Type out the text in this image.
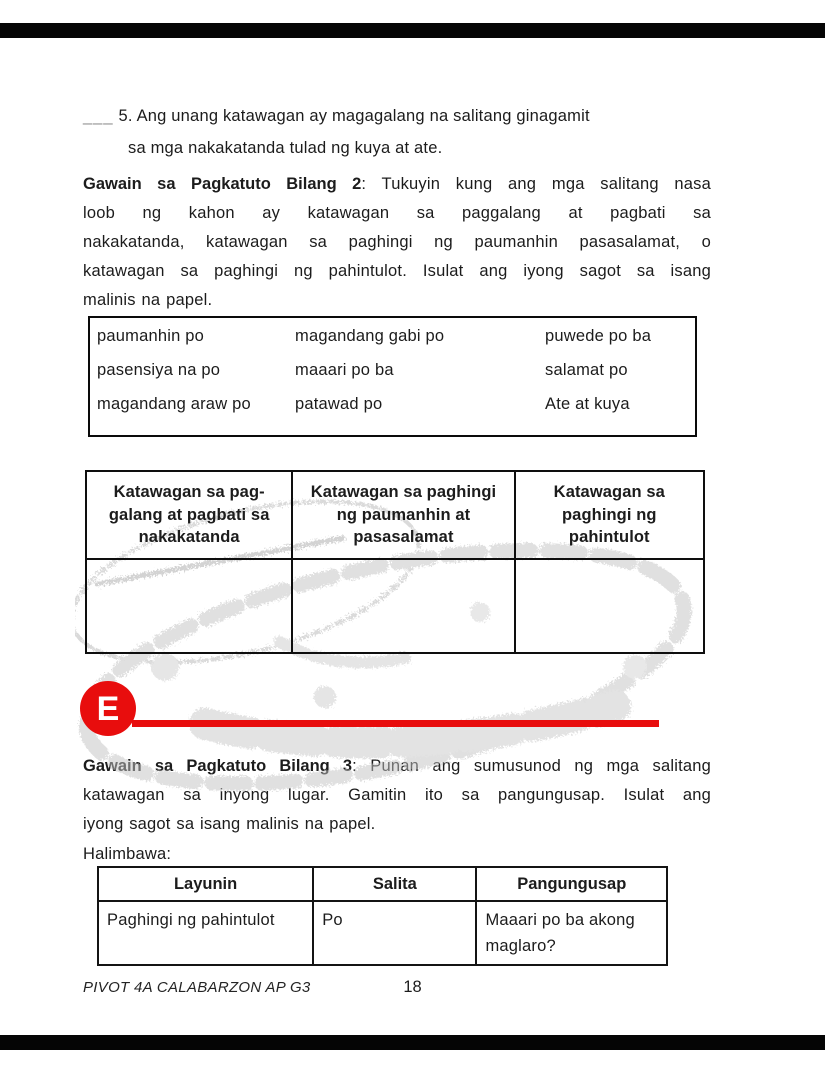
___ 5. Ang unang katawagan ay magagalang na salitang ginagamit
sa mga nakakatanda tulad ng kuya at ate.
Gawain sa Pagkatuto Bilang 2: Tukuyin kung ang mga salitang nasa
loob ng kahon ay katawagan sa paggalang at pagbati sa
nakakatanda, katawagan sa paghingi ng paumanhin pasasalamat, o
katawagan sa paghingi ng pahintulot. Isulat ang iyong sagot sa isang
malinis na papel.
paumanhin po	magandang gabi po	puwede po ba
pasensiya na po	maaari po ba	salamat po
magandang araw po	patawad po	Ate at kuya
Katawagan sa pag-galang at pagbati sa nakakatanda	Katawagan sa paghingi ng paumanhin at pasasalamat	Katawagan sa paghingi ng pahintulot

E
Gawain sa Pagkatuto Bilang 3: Punan ang sumusunod ng mga salitang
katawagan sa inyong lugar. Gamitin ito sa pangungusap. Isulat ang
iyong sagot sa isang malinis na papel.
Halimbawa:
Layunin	Salita	Pangungusap
Paghingi ng pahintulot	Po	Maaari po ba akong maglaro?
PIVOT 4A CALABARZON AP G3	18
